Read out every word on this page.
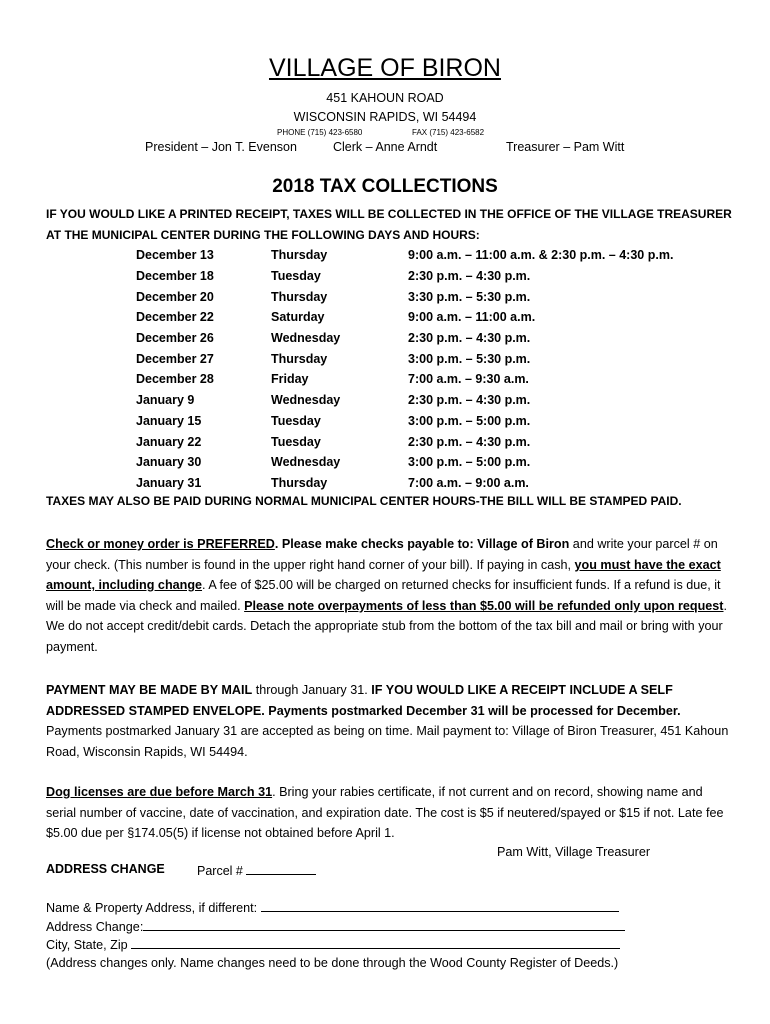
VILLAGE OF BIRON
451 KAHOUN ROAD
WISCONSIN RAPIDS, WI 54494
PHONE (715) 423-6580	FAX (715) 423-6582
President – Jon T. Evenson	Clerk – Anne Arndt	Treasurer – Pam Witt
2018 TAX COLLECTIONS
IF YOU WOULD LIKE A PRINTED RECEIPT, TAXES WILL BE COLLECTED IN THE OFFICE OF THE VILLAGE TREASURER AT THE MUNICIPAL CENTER DURING THE FOLLOWING DAYS AND HOURS:
December 13	Thursday	9:00 a.m. – 11:00 a.m. & 2:30 p.m. – 4:30 p.m.
December 18	Tuesday	2:30 p.m. – 4:30 p.m.
December 20	Thursday	3:30 p.m. – 5:30 p.m.
December 22	Saturday	9:00 a.m. – 11:00 a.m.
December 26	Wednesday	2:30 p.m. – 4:30 p.m.
December 27	Thursday	3:00 p.m. – 5:30 p.m.
December 28	Friday	7:00 a.m. – 9:30 a.m.
January 9	Wednesday	2:30 p.m. – 4:30 p.m.
January 15	Tuesday	3:00 p.m. – 5:00 p.m.
January 22	Tuesday	2:30 p.m. – 4:30 p.m.
January 30	Wednesday	3:00 p.m. – 5:00 p.m.
January 31	Thursday	7:00 a.m. – 9:00 a.m.
TAXES MAY ALSO BE PAID DURING NORMAL MUNICIPAL CENTER HOURS-THE BILL WILL BE STAMPED PAID.
Check or money order is PREFERRED. Please make checks payable to: Village of Biron and write your parcel # on your check. (This number is found in the upper right hand corner of your bill). If paying in cash, you must have the exact amount, including change. A fee of $25.00 will be charged on returned checks for insufficient funds. If a refund is due, it will be made via check and mailed. Please note overpayments of less than $5.00 will be refunded only upon request. We do not accept credit/debit cards. Detach the appropriate stub from the bottom of the tax bill and mail or bring with your payment.
PAYMENT MAY BE MADE BY MAIL through January 31. IF YOU WOULD LIKE A RECEIPT INCLUDE A SELF ADDRESSED STAMPED ENVELOPE. Payments postmarked December 31 will be processed for December. Payments postmarked January 31 are accepted as being on time. Mail payment to: Village of Biron Treasurer, 451 Kahoun Road, Wisconsin Rapids, WI 54494.
Dog licenses are due before March 31. Bring your rabies certificate, if not current and on record, showing name and serial number of vaccine, date of vaccination, and expiration date. The cost is $5 if neutered/spayed or $15 if not. Late fee $5.00 due per §174.05(5) if license not obtained before April 1.
Pam Witt, Village Treasurer
ADDRESS CHANGE	Parcel #
Name & Property Address, if different:
Address Change:
City, State, Zip
(Address changes only. Name changes need to be done through the Wood County Register of Deeds.)
